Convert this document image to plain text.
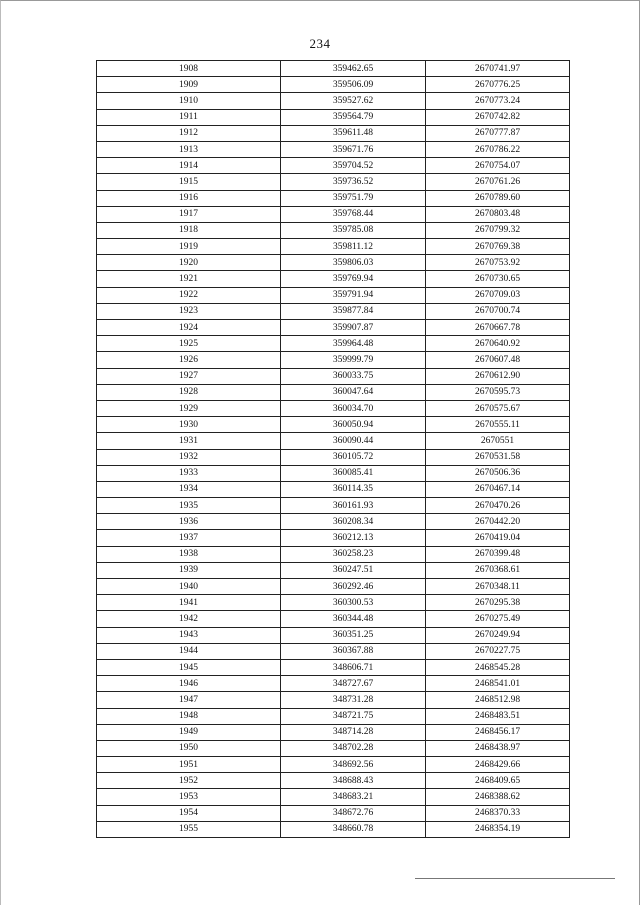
234
1908	359462.65	2670741.97
1909	359506.09	2670776.25
1910	359527.62	2670773.24
1911	359564.79	2670742.82
1912	359611.48	2670777.87
1913	359671.76	2670786.22
1914	359704.52	2670754.07
1915	359736.52	2670761.26
1916	359751.79	2670789.60
1917	359768.44	2670803.48
1918	359785.08	2670799.32
1919	359811.12	2670769.38
1920	359806.03	2670753.92
1921	359769.94	2670730.65
1922	359791.94	2670709.03
1923	359877.84	2670700.74
1924	359907.87	2670667.78
1925	359964.48	2670640.92
1926	359999.79	2670607.48
1927	360033.75	2670612.90
1928	360047.64	2670595.73
1929	360034.70	2670575.67
1930	360050.94	2670555.11
1931	360090.44	2670551
1932	360105.72	2670531.58
1933	360085.41	2670506.36
1934	360114.35	2670467.14
1935	360161.93	2670470.26
1936	360208.34	2670442.20
1937	360212.13	2670419.04
1938	360258.23	2670399.48
1939	360247.51	2670368.61
1940	360292.46	2670348.11
1941	360300.53	2670295.38
1942	360344.48	2670275.49
1943	360351.25	2670249.94
1944	360367.88	2670227.75
1945	348606.71	2468545.28
1946	348727.67	2468541.01
1947	348731.28	2468512.98
1948	348721.75	2468483.51
1949	348714.28	2468456.17
1950	348702.28	2468438.97
1951	348692.56	2468429.66
1952	348688.43	2468409.65
1953	348683.21	2468388.62
1954	348672.76	2468370.33
1955	348660.78	2468354.19
